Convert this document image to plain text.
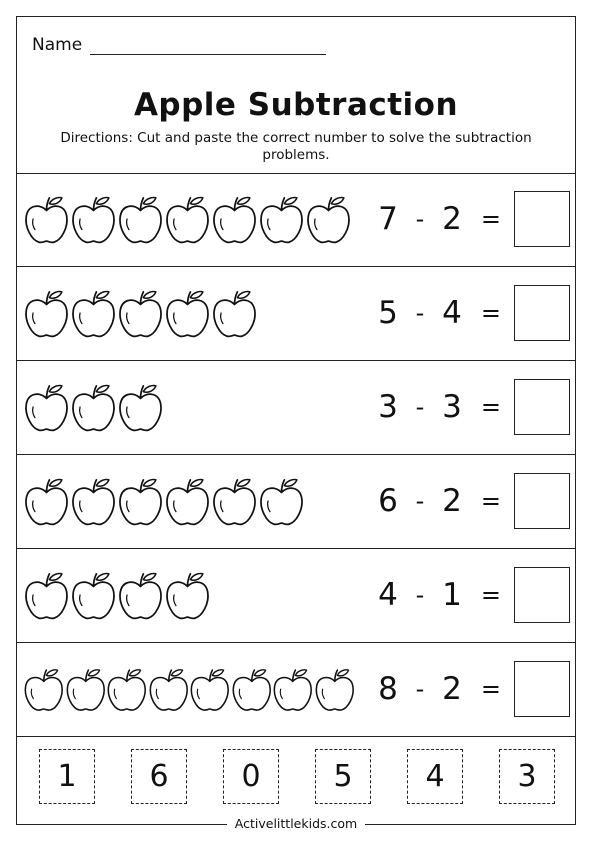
Name
Apple Subtraction
Directions: Cut and paste the correct number to solve the subtraction problems.
7 - 2 =
5 - 4 =
3 - 3 =
6 - 2 =
4 - 1 =
8 - 2 =
1	6	0	5	4	3
Activelittlekids.com
